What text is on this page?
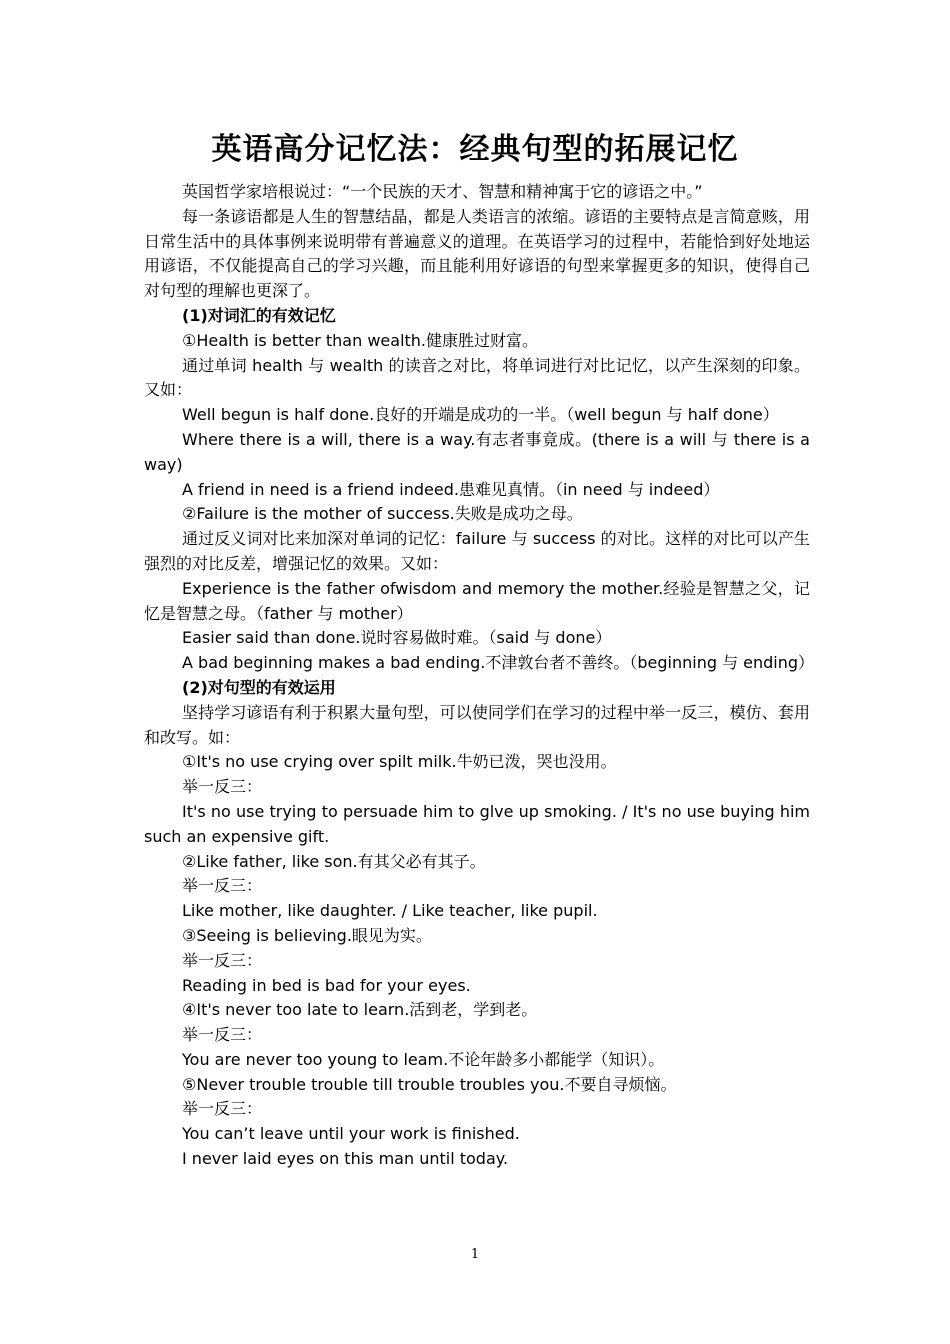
英语高分记忆法：经典句型的拓展记忆

英国哲学家培根说过：“一个民族的天才、智慧和精神寓于它的谚语之中。”

每一条谚语都是人生的智慧结晶，都是人类语言的浓缩。谚语的主要特点是言简意赅，用日常生活中的具体事例来说明带有普遍意义的道理。在英语学习的过程中，若能恰到好处地运用谚语，不仅能提高自己的学习兴趣，而且能利用好谚语的句型来掌握更多的知识，使得自己对句型的理解也更深了。

(1)对词汇的有效记忆

①Health is better than wealth.健康胜过财富。

通过单词 health 与 wealth 的读音之对比，将单词进行对比记忆，以产生深刻的印象。又如：

Well begun is half done.良好的开端是成功的一半。（well begun 与 half done）

Where there is a will, there is a way.有志者事竟成。(there is a will 与 there is a way)

A friend in need is a friend indeed.患难见真情。（in need 与 indeed）

②Failure is the mother of success.失败是成功之母。

通过反义词对比来加深对单词的记忆：failure 与 success 的对比。这样的对比可以产生强烈的对比反差，增强记忆的效果。又如：

Experience is the father ofwisdom and memory the mother.经验是智慧之父，记忆是智慧之母。（father 与 mother）

Easier said than done.说时容易做时难。（said 与 done）

A bad beginning makes a bad ending.不津敦台者不善终。（beginning 与 ending）

(2)对句型的有效运用

坚持学习谚语有利于积累大量句型，可以使同学们在学习的过程中举一反三，模仿、套用和改写。如：

①It's no use crying over spilt milk.牛奶已泼，哭也没用。

举一反三：

It's no use trying to persuade him to glve up smoking. / It's no use buying him such an expensive gift.

②Like father, like son.有其父必有其子。

举一反三：

Like mother, like daughter. / Like teacher, like pupil.

③Seeing is believing.眼见为实。

举一反三：

Reading in bed is bad for your eyes.

④It's never too late to learn.活到老，学到老。

举一反三：

You are never too young to leam.不论年龄多小都能学（知识）。

⑤Never trouble trouble till trouble troubles you.不要自寻烦恼。

举一反三：

You can’t leave until your work is finished.

I never laid eyes on this man until today.

1
